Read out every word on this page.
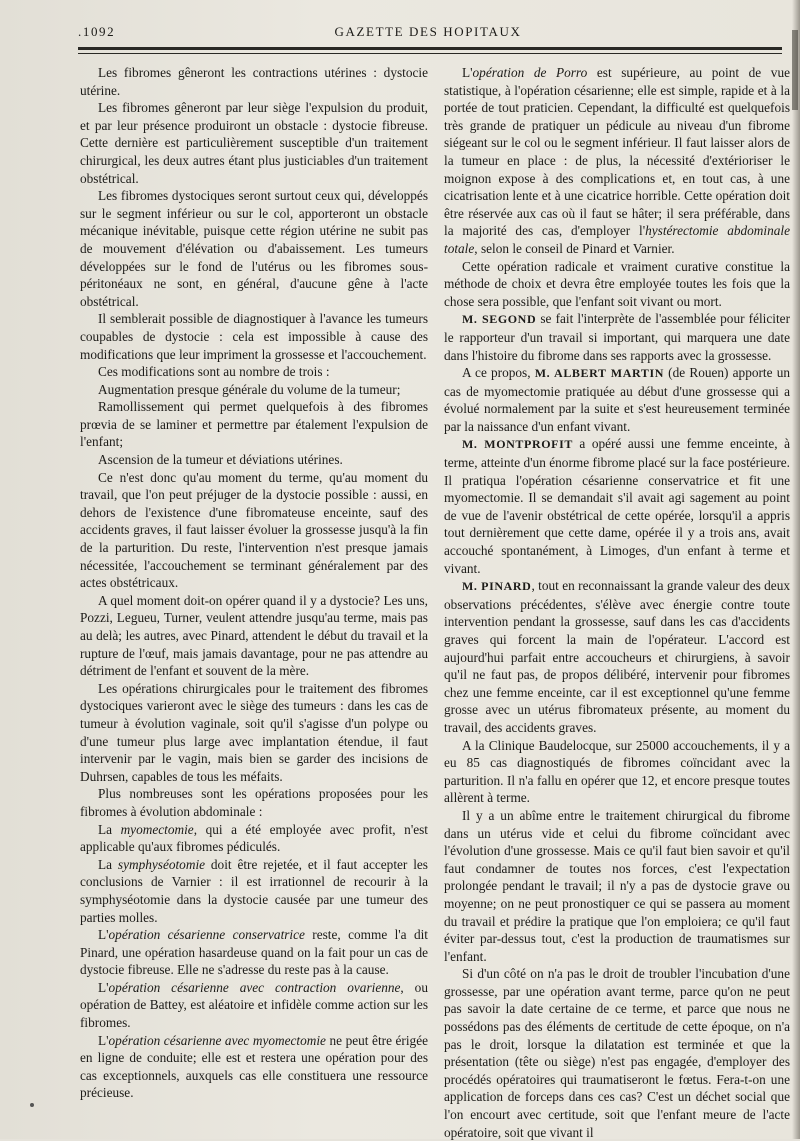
.1092	GAZETTE DES HOPITAUX

Les fibromes gêneront les contractions utérines : dystocie utérine.

Les fibromes gêneront par leur siège l'expulsion du produit, et par leur présence produiront un obstacle : dystocie fibreuse. Cette dernière est particulièrement susceptible d'un traitement chirurgical, les deux autres étant plus justiciables d'un traitement obstétrical.

Les fibromes dystociques seront surtout ceux qui, développés sur le segment inférieur ou sur le col, apporteront un obstacle mécanique inévitable, puisque cette région utérine ne subit pas de mouvement d'élévation ou d'abaissement. Les tumeurs développées sur le fond de l'utérus ou les fibromes sous-péritonéaux ne sont, en général, d'aucune gêne à l'acte obstétrical.

Il semblerait possible de diagnostiquer à l'avance les tumeurs coupables de dystocie : cela est impossible à cause des modifications que leur impriment la grossesse et l'accouchement.

Ces modifications sont au nombre de trois :

Augmentation presque générale du volume de la tumeur;

Ramollissement qui permet quelquefois à des fibromes prœvia de se laminer et permettre par étalement l'expulsion de l'enfant;

Ascension de la tumeur et déviations utérines.

Ce n'est donc qu'au moment du terme, qu'au moment du travail, que l'on peut préjuger de la dystocie possible : aussi, en dehors de l'existence d'une fibromateuse enceinte, sauf des accidents graves, il faut laisser évoluer la grossesse jusqu'à la fin de la parturition. Du reste, l'intervention n'est presque jamais nécessitée, l'accouchement se terminant généralement par des actes obstétricaux.

A quel moment doit-on opérer quand il y a dystocie? Les uns, Pozzi, Legueu, Turner, veulent attendre jusqu'au terme, mais pas au delà; les autres, avec Pinard, attendent le début du travail et la rupture de l'œuf, mais jamais davantage, pour ne pas attendre au détriment de l'enfant et souvent de la mère.

Les opérations chirurgicales pour le traitement des fibromes dystociques varieront avec le siège des tumeurs : dans les cas de tumeur à évolution vaginale, soit qu'il s'agisse d'un polype ou d'une tumeur plus large avec implantation étendue, il faut intervenir par le vagin, mais bien se garder des incisions de Duhrsen, capables de tous les méfaits.

Plus nombreuses sont les opérations proposées pour les fibromes à évolution abdominale :

La myomectomie, qui a été employée avec profit, n'est applicable qu'aux fibromes pédiculés.

La symphyséotomie doit être rejetée, et il faut accepter les conclusions de Varnier : il est irrationnel de recourir à la symphyséotomie dans la dystocie causée par une tumeur des parties molles.

L'opération césarienne conservatrice reste, comme l'a dit Pinard, une opération hasardeuse quand on la fait pour un cas de dystocie fibreuse. Elle ne s'adresse du reste pas à la cause.

L'opération césarienne avec contraction ovarienne, ou opération de Battey, est aléatoire et infidèle comme action sur les fibromes.

L'opération césarienne avec myomectomie ne peut être érigée en ligne de conduite; elle est et restera une opération pour des cas exceptionnels, auxquels cas elle constituera une ressource précieuse.

L'opération de Porro est supérieure, au point de vue statistique, à l'opération césarienne; elle est simple, rapide et à la portée de tout praticien. Cependant, la difficulté est quelquefois très grande de pratiquer un pédicule au niveau d'un fibrome siégeant sur le col ou le segment inférieur. Il faut laisser alors de la tumeur en place : de plus, la nécessité d'extérioriser le moignon expose à des complications et, en tout cas, à une cicatrisation lente et à une cicatrice horrible. Cette opération doit être réservée aux cas où il faut se hâter; il sera préférable, dans la majorité des cas, d'employer l'hystérectomie abdominale totale, selon le conseil de Pinard et Varnier.

Cette opération radicale et vraiment curative constitue la méthode de choix et devra être employée toutes les fois que la chose sera possible, que l'enfant soit vivant ou mort.

M. SEGOND se fait l'interprète de l'assemblée pour féliciter le rapporteur d'un travail si important, qui marquera une date dans l'histoire du fibrome dans ses rapports avec la grossesse.

A ce propos, M. ALBERT MARTIN (de Rouen) apporte un cas de myomectomie pratiquée au début d'une grossesse qui a évolué normalement par la suite et s'est heureusement terminée par la naissance d'un enfant vivant.

M. MONTPROFIT a opéré aussi une femme enceinte, à terme, atteinte d'un énorme fibrome placé sur la face postérieure. Il pratiqua l'opération césarienne conservatrice et fit une myomectomie. Il se demandait s'il avait agi sagement au point de vue de l'avenir obstétrical de cette opérée, lorsqu'il a appris tout dernièrement que cette dame, opérée il y a trois ans, avait accouché spontanément, à Limoges, d'un enfant à terme et vivant.

M. PINARD, tout en reconnaissant la grande valeur des deux observations précédentes, s'élève avec énergie contre toute intervention pendant la grossesse, sauf dans les cas d'accidents graves qui forcent la main de l'opérateur. L'accord est aujourd'hui parfait entre accoucheurs et chirurgiens, à savoir qu'il ne faut pas, de propos délibéré, intervenir pour fibromes chez une femme enceinte, car il est exceptionnel qu'une femme grosse avec un utérus fibromateux présente, au moment du travail, des accidents graves.

A la Clinique Baudelocque, sur 25000 accouchements, il y a eu 85 cas diagnostiqués de fibromes coïncidant avec la parturition. Il n'a fallu en opérer que 12, et encore presque toutes allèrent à terme.

Il y a un abîme entre le traitement chirurgical du fibrome dans un utérus vide et celui du fibrome coïncidant avec l'évolution d'une grossesse. Mais ce qu'il faut bien savoir et qu'il faut condamner de toutes nos forces, c'est l'expectation prolongée pendant le travail; il n'y a pas de dystocie grave ou moyenne; on ne peut pronostiquer ce qui se passera au moment du travail et prédire la pratique que l'on emploiera; ce qu'il faut éviter par-dessus tout, c'est la production de traumatismes sur l'enfant.

Si d'un côté on n'a pas le droit de troubler l'incubation d'une grossesse, par une opération avant terme, parce qu'on ne peut pas savoir la date certaine de ce terme, et parce que nous ne possédons pas des éléments de certitude de cette époque, on n'a pas le droit, lorsque la dilatation est terminée et que la présentation (tête ou siège) n'est pas engagée, d'employer des procédés opératoires qui traumatiseront le fœtus. Fera-t-on une application de forceps dans ces cas? C'est un déchet social que l'on encourt avec certitude, soit que l'enfant meure de l'acte opératoire, soit que vivant il
